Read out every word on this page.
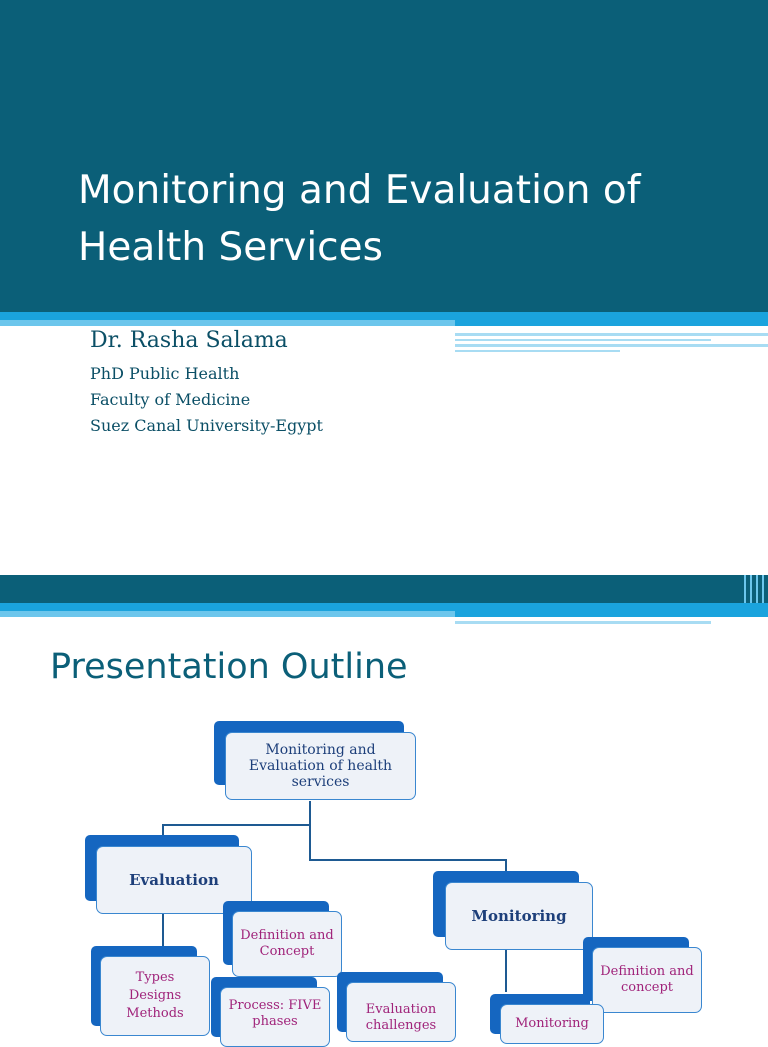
Monitoring and Evaluation of Health Services
Dr. Rasha Salama
PhD Public Health
Faculty of Medicine
Suez Canal University-Egypt
Presentation Outline
Monitoring and Evaluation of health services
Evaluation
Monitoring
Definition and Concept
Types Designs Methods
Process: FIVE phases
Evaluation challenges
Definition and concept
Monitoring
